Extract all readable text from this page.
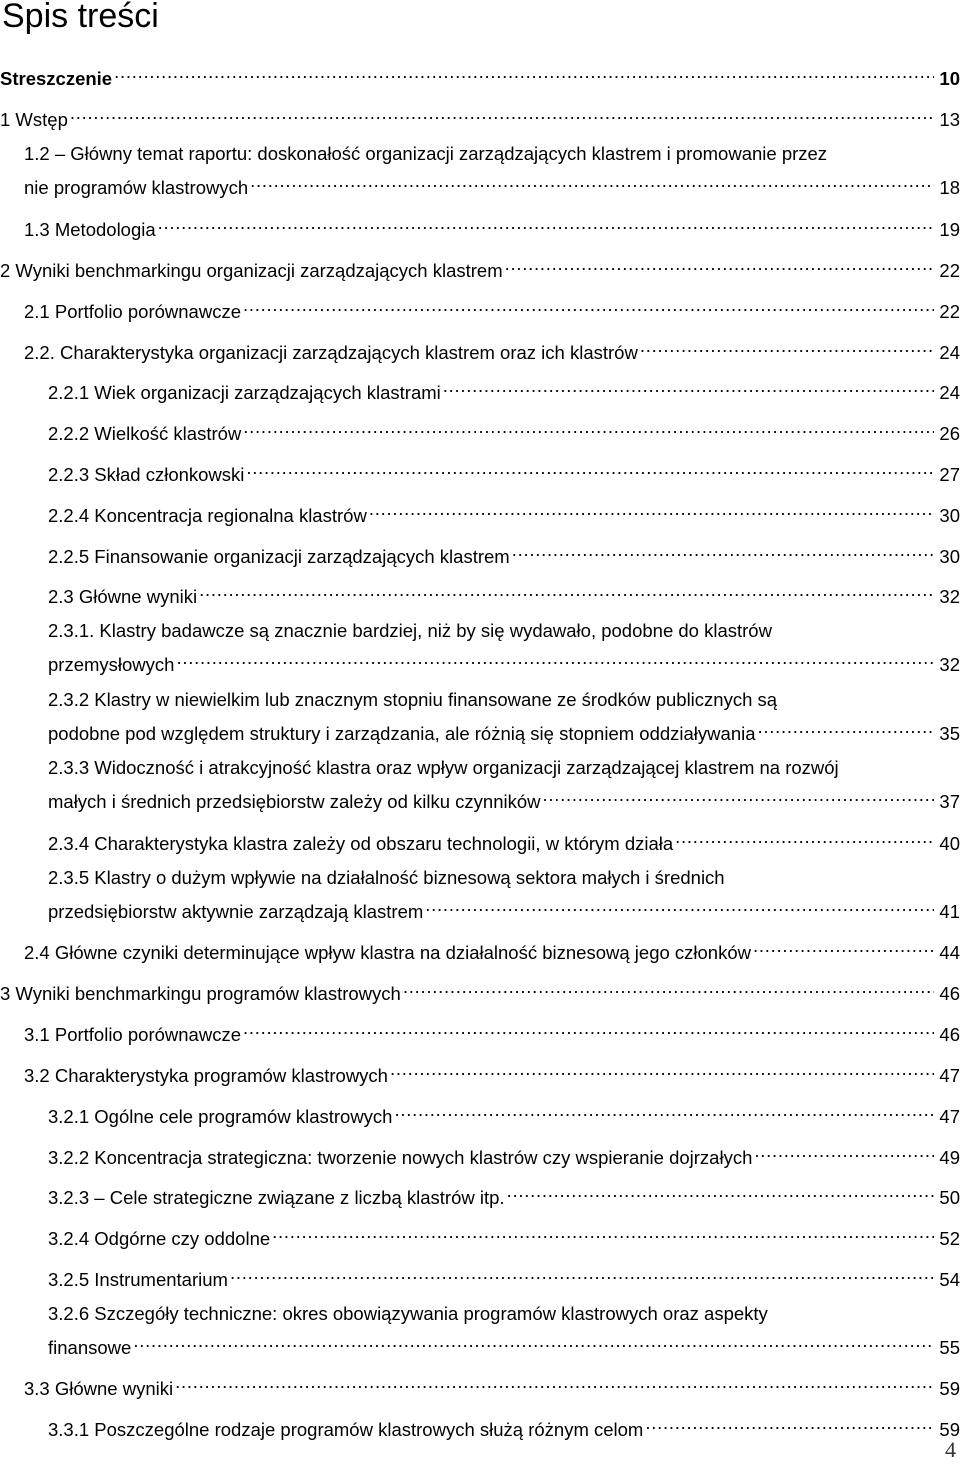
Spis treści
Streszczenie . . .	10
1 Wstęp . . .	13
1.2 – Główny temat raportu: doskonałość organizacji zarządzających klastrem i promowanie przez
nie programów klastrowych . . .	18
1.3 Metodologia . . .	19
2 Wyniki benchmarkingu organizacji zarządzających klastrem . . .	22
2.1 Portfolio porównawcze . . .	22
2.2. Charakterystyka organizacji zarządzających klastrem oraz ich klastrów . . .	24
2.2.1 Wiek organizacji zarządzających klastrami . . .	24
2.2.2 Wielkość klastrów . . .	26
2.2.3 Skład członkowski . . .	27
2.2.4 Koncentracja regionalna klastrów . . .	30
2.2.5 Finansowanie organizacji zarządzających klastrem . . .	30
2.3 Główne wyniki . . .	32
2.3.1. Klastry badawcze są znacznie bardziej, niż by się wydawało, podobne do klastrów
przemysłowych . . .	32
2.3.2 Klastry w niewielkim lub znacznym stopniu finansowane ze środków publicznych są
podobne pod względem struktury i zarządzania, ale różnią się stopniem oddziaływania . . .	35
2.3.3 Widoczność i atrakcyjność klastra oraz wpływ organizacji zarządzającej klastrem na rozwój
małych i średnich przedsiębiorstw zależy od kilku czynników . . .	37
2.3.4 Charakterystyka klastra zależy od obszaru technologii, w którym działa . . .	40
2.3.5 Klastry o dużym wpływie na działalność biznesową sektora małych i średnich
przedsiębiorstw aktywnie zarządzają klastrem . . .	41
2.4 Główne czyniki determinujące wpływ klastra na działalność biznesową jego członków . . .	44
3 Wyniki benchmarkingu programów klastrowych . . .	46
3.1 Portfolio porównawcze . . .	46
3.2 Charakterystyka programów klastrowych . . .	47
3.2.1 Ogólne cele programów klastrowych . . .	47
3.2.2 Koncentracja strategiczna: tworzenie nowych klastrów czy wspieranie dojrzałych . . .	49
3.2.3 – Cele strategiczne związane z liczbą klastrów itp. . . .	50
3.2.4 Odgórne czy oddolne . . .	52
3.2.5 Instrumentarium . . .	54
3.2.6 Szczegóły techniczne: okres obowiązywania programów klastrowych oraz aspekty
finansowe . . .	55
3.3 Główne wyniki . . .	59
3.3.1 Poszczególne rodzaje programów klastrowych służą różnym celom . . .	59
4
